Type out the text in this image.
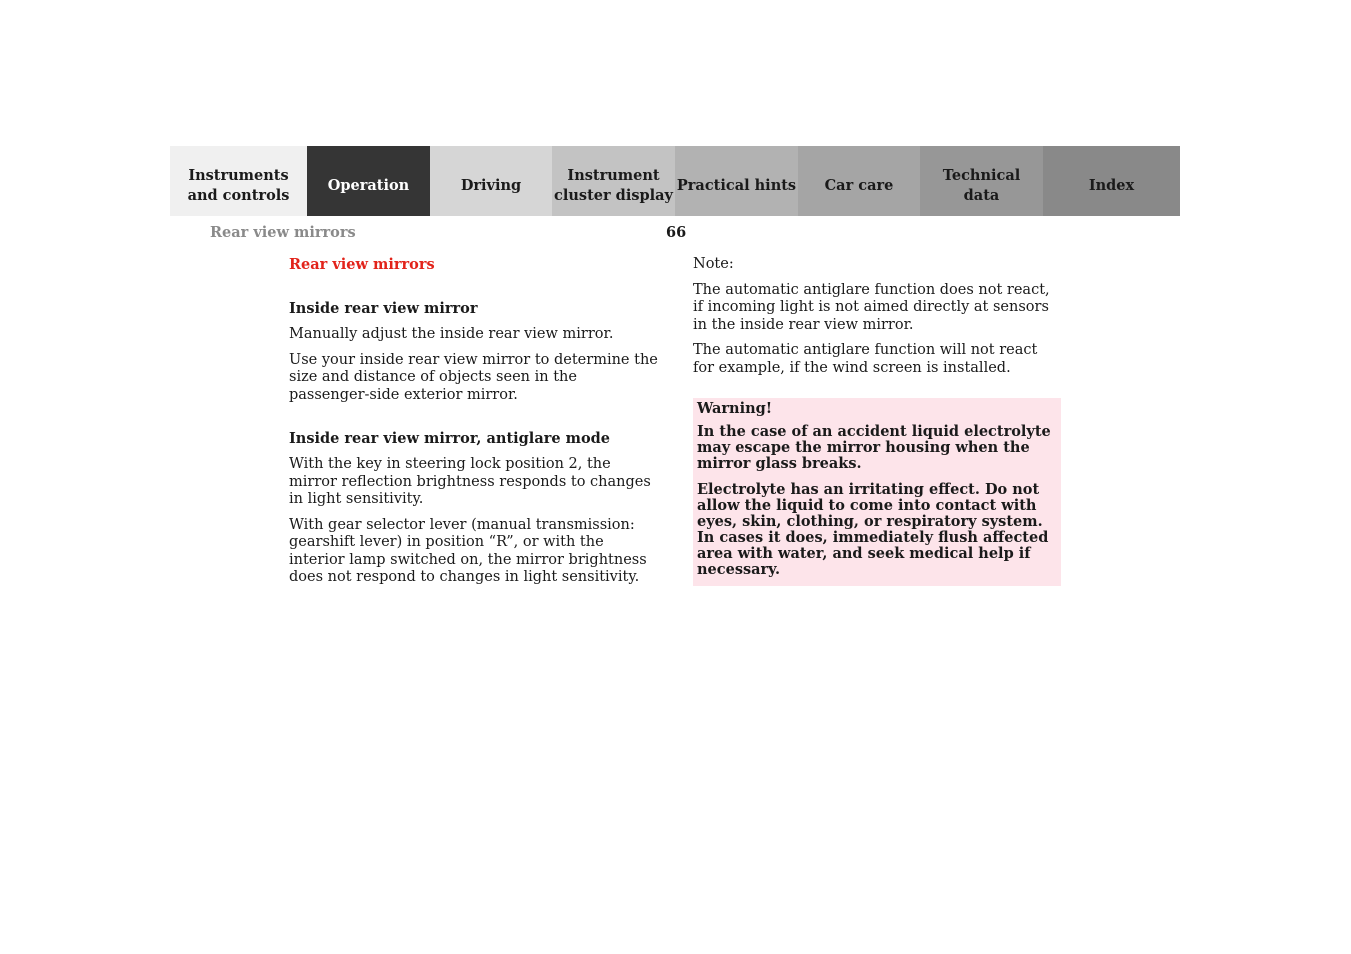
Instruments
and controls
Operation	Driving
Instrument
cluster display
Practical hints Car care
Technical
data
Index
Rear view mirrors	66
Rear view mirrors
Inside rear view mirror

Manually adjust the inside rear view mirror.

Use your inside rear view mirror to determine the size and distance of objects seen in the passenger-side exterior mirror.

Inside rear view mirror, antiglare mode

With the key in steering lock position 2, the mirror reflection brightness responds to changes in light sensitivity.

With gear selector lever (manual transmission: gearshift lever) in position “R”, or with the interior lamp switched on, the mirror brightness does not respond to changes in light sensitivity.

Note:

The automatic antiglare function does not react, if incoming light is not aimed directly at sensors in the inside rear view mirror.

The automatic antiglare function will not react for example, if the wind screen is installed.

Warning!

In the case of an accident liquid electrolyte may escape the mirror housing when the mirror glass breaks.

Electrolyte has an irritating effect. Do not allow the liquid to come into contact with eyes, skin, clothing, or respiratory system. In cases it does, immediately flush affected area with water, and seek medical help if necessary.
